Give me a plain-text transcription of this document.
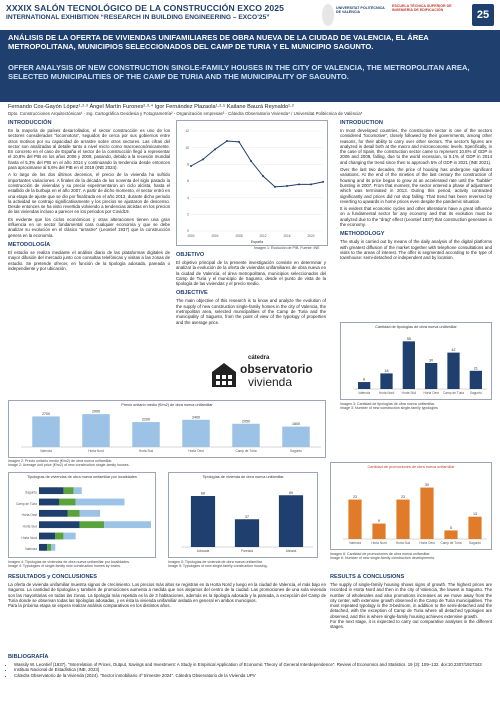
XXXIX SALÓN TECNOLÓGICO DE LA CONSTRUCCIÓN EXCO 2025
INTERNATIONAL EXHIBITION “RESEARCH IN BUILDING ENGINEERING – EXCO’25”
UNIVERSITAT POLITÈCNICA DE VALÈNCIA
ESCUELA TÉCNICA SUPERIOR DE INGENIERÍA DE EDIFICACIÓN	25
ANÁLISIS DE LA OFERTA DE VIVIENDAS UNIFAMILIARES DE OBRA NUEVA DE LA CIUDAD DE VALENCIA, EL ÁREA METROPOLITANA, MUNICIPIOS SELECCIONADOS DEL CAMP DE TURIA Y EL MUNICIPIO SAGUNTO.
OFFER ANALYSIS OF NEW CONSTRUCTION SINGLE-FAMILY HOUSES IN THE CITY OF VALENCIA, THE METROPOLITAN AREA, SELECTED MUNICIPALITIES OF THE CAMP DE TURIA AND THE MUNICIPALITY OF SAGUNTO.
Fernando Cos-Gayón López¹·²·³ Ángel Martín Furones²·³·⁴ Igor Fernández Plazaola¹·²·⁵ Kailane Bauzá Reynaldo¹·²
Dpto. Construcciones Arquitectónicas¹ - Ing. Cartográfica Geodesia y Fotogrametría² - Organización empresas³ - Cátedra Observatorio Vivienda⁴ / Universitat Politècnica de València⁵
INTRODUCCIÓN

En la mayoría de países desarrollados, el sector construcción es uno de los sectores considerados "locomotora", seguidos de cerca por sus gobiernos entre otros motivos por su capacidad de arrastre sobre otros sectores. Las cifras del sector son analizadas al detalle tanto a nivel micro como macroeconómicamente. En concreto en el caso de España el sector de la construcción llegó a representar el 10,8% del PIB en los años 2006 y 2008, pasando, debido a la recesión mundial hasta el 5,3% del PIB en el año 2014 y continuando la tendencia desde entonces para aproximarse al 5,6% del PIB en el 2019 (INE 2024).

A lo largo de los dos últimos decenios, el precio de la vivienda ha sufrido importantes variaciones. A finales de la década de los noventa del siglo pasado la construcción de viviendas y su precio experimentaron un ciclo alcista, hasta el estallido de la burbuja en el año 2007. A partir de dicho momento, el sector entró en una etapa de ajuste que se dio por finalizada en el año 2013, durante dicho periodo la actividad se contrajo significativamente y los precios se ajustaron de descenso. Desde entonces se ha visto revertida volviendo a tendencias alcistas en los precios de las viviendas incluso a parecer en los periodos por Covid19.

Es evidente que los ciclos económicos y otras alteraciones tienen una gran influencia en un sector fundamental cara cualquier economía y que se debe analizar su evolución en el clásico "arrastre" (Leontief 1937) que la construcción genera en la economía.

METODOLOGÍA

El estudio se realiza mediante el análisis diario de las plataformas digitales de mayor difusión del mercado junto con consultas telefónicas y visitas a las zonas de estudio. Se pretende ofrecer, en función de la tipología adosada, pareada o independiente y por ubicación.

0
2
4
6
8
10
12
2000	2004	2008	2012	2016	2020
España
Imagen 1: Evolución de PIB. Fuente: INE
OBJETIVO

El objetivo principal de la presente investigación consiste en determinar y analizar la evolución de la oferta de viviendas unifamiliares de obra nueva en la ciudad de Valencia, el área metropolitana, municipios seleccionados del Camp de Turia y el municipio de Sagunto, desde el punto de vista de la tipología de las viviendas y el precio medio.

OBJECTIVE

The main objective of this research is to know and analyze the evolution of the supply of new construction single-family homes in the city of Valencia, the metropolitan area, selected municipalities of the Camp de Turia and the municipality of Sagunto, from the point of view of the typology of properties and the average price.

cátedra
observatorio
vivienda
INTRODUCTION

In most developed countries, the construction sector is one of the sectors considered "locomotive", closely followed by their governments, among other reasons, for their ability to carry over other sectors. The sector's figures are analyzed in detail both at the macro and microeconomic levels. Specifically, in the case of Spain, the construction sector came to represent 10.8% of GDP in 2006 and 2008, falling, due to the world recession, to 5.1% of GDP in 2014 and changing the trend since then to approach 5% of GDP in 2021 (INE 2021).

Over the last two decades, the price of housing has undergone significant variations. At the end of the nineties of the last century the construction of housing and its price began to grow at an accelerated rate until the "bubble" bursting in 2007. From that moment, the sector entered a phase of adjustment which was terminated in 2013. During this period, activity contracted significantly and prices did not stop falling. That trend has been reversed by reverting to upwards in home prices even despite the pandemic situation.

It is evident that economic cycles and other alterations have a great influence on a fundamental sector for any economy and that its evolution must be analyzed due to the "drag" effect (Leontief 1937) that construction generates in the economy.

METHODOLOGY

The study is carried out by means of the daily analysis of the digital platforms with greatest diffusion of the market together with telephone consultations and visits to the areas of interest. The offer is segmented according to the type of townhouse: semi-detached or independent and by location.

Precio unitario medio (€/m2) de obra nueva unifamiliar
2700
Valencia
2900
Horta Nord
2200
Horta Sud
2400
Horta Oest
2050
Camp de Túria
1800
Sagunto
Imagen 2: Precio unitario medio (€/m2) de obra nueva unifamiliar.
Image 2: Average unit price (€/m2) of new construction single-family houses.
Cantidad de tipologías de obra nueva unifamiliar
8
Valencia
18
Horta Nord
55
Horta Sud
30
Horta Oest
42
Camp de Túria
21
Sagunto
Imagen 3: Cantidad de tipologías de obra nueva unifamiliar.
Image 3: Number of new construction single-family typologies
Tipologías de viviendas de obra nueva unifamiliar por localidades
Sagunto
Camp de Túria
Horta Oest
Horta Sud
Horta Nord
Valencia
Imagen 4: Tipologías de viviendas de obra nueva unifamiliar por localidades.
Image 4: Typologies of single-family new construction homes by towns.
Tipologías de vivienda de obra nueva unifamiliar
68
Adosada
37
Pareada
69
Aislada
Imagen 5: Tipologías de vivienda de obra nueva unifamiliar.
Image 5: Typologies of new single-family construction housing.
Cantidad de promociones de obra nueva unifamiliar
23
Valencia
9
Horta Nord
23
Horta Sud
30
Horta Oest
5
Camp de Túria
13
Sagunto
Imagen 6: Cantidad de promociones de obra nueva unifamiliar.
Image 6: Number of new single-family construction developments.
RESULTADOS y CONCLUSIONES

La oferta de vivienda unifamiliar muestra signos de crecimiento. Los precios más altos se registran en la Horta Nord y luego en la ciudad de Valencia, el más bajo en Sagunto. La cantidad de tipologías y también de promociones aumenta a medida que nos alejamos del centro de la ciudad. Las promociones de una sola vivienda son las mayoritarias en todas las zonas. La tipología más repetida es la de 3 habitaciones, además es la tipología adosada y la pareada, a excepción del Camp de Turia donde se observan todas las tipologías adosadas, y es ésta la vivienda unifamiliar aislada en general en ambos municipios.
Para la próxima etapa se espera realizar análisis comparativos en los distintos años.

RESULTS & CONCLUSIONS

The supply of single-family housing shows signs of growth. The highest prices are recorded in Horta Nord and then in the city of Valencia, the lowest in Sagunto. The number of wholesales and also promotions increases as we move away from the city center, with extensive growth observed in the Camp de Turia municipalities. The most repeated typology is the 3-bedroom, in addition to the semi-detached and the detached, with the exception of Camp de Turia where all detached typologies are observed, and this is where single-family housing achieves extensive growth.
For the next stage, it is expected to carry out comparative analyses in the different stages.

BIBLIOGRAFÍA
• Wassily W. Leontief (1937). "Interrelation of Prices, Output, Savings and Investment: A Study in Empirical Application of Economic Theory of General Interdependence". Review of Economics and Statistics. 19 (3): 109–132. doi:10.2307/1927343
• Instituto Nacional de Estadística (INE, 2023)
• Cátedra Observatorio de la Vivienda (2024). "Sector inmobiliario 4º trimestre 2024". Cátedra Observatorio de la Vivienda UPV
